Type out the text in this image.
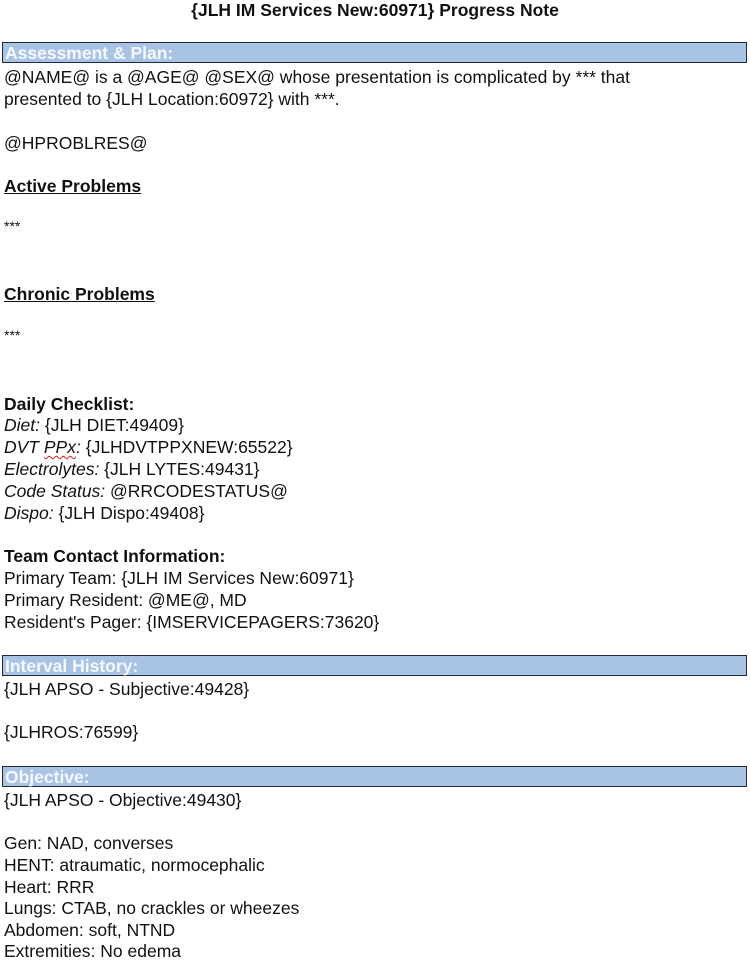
{JLH IM Services New:60971} Progress Note
Assessment & Plan:
@NAME@ is a @AGE@ @SEX@ whose presentation is complicated by *** that
presented to {JLH Location:60972} with ***.
@HPROBLRES@
Active Problems
***
Chronic Problems
***
Daily Checklist:
Diet: {JLH DIET:49409}
DVT PPx: {JLHDVTPPXNEW:65522}
Electrolytes: {JLH LYTES:49431}
Code Status: @RRCODESTATUS@
Dispo: {JLH Dispo:49408}
Team Contact Information:
Primary Team: {JLH IM Services New:60971}
Primary Resident: @ME@, MD
Resident's Pager: {IMSERVICEPAGERS:73620}
Interval History:
{JLH APSO - Subjective:49428}
{JLHROS:76599}
Objective:
{JLH APSO - Objective:49430}
Gen: NAD, converses
HENT: atraumatic, normocephalic
Heart: RRR
Lungs: CTAB, no crackles or wheezes
Abdomen: soft, NTND
Extremities: No edema
